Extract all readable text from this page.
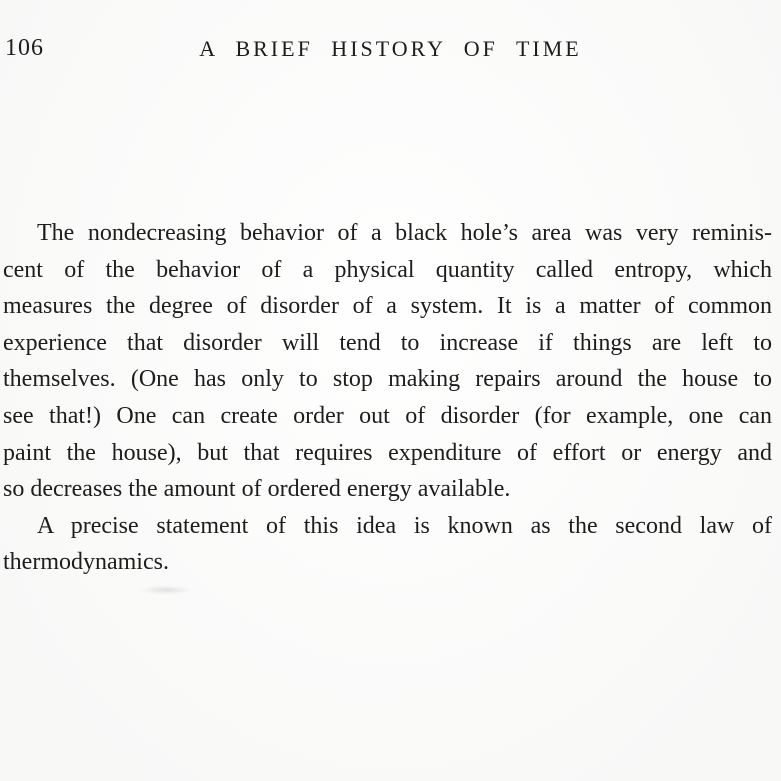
106	A BRIEF HISTORY OF TIME
The nondecreasing behavior of a black hole’s area was very reminis-
cent of the behavior of a physical quantity called entropy, which
measures the degree of disorder of a system. It is a matter of common
experience that disorder will tend to increase if things are left to
themselves. (One has only to stop making repairs around the house to
see that!) One can create order out of disorder (for example, one can
paint the house), but that requires expenditure of effort or energy and
so decreases the amount of ordered energy available.
A precise statement of this idea is known as the second law of
thermodynamics.
